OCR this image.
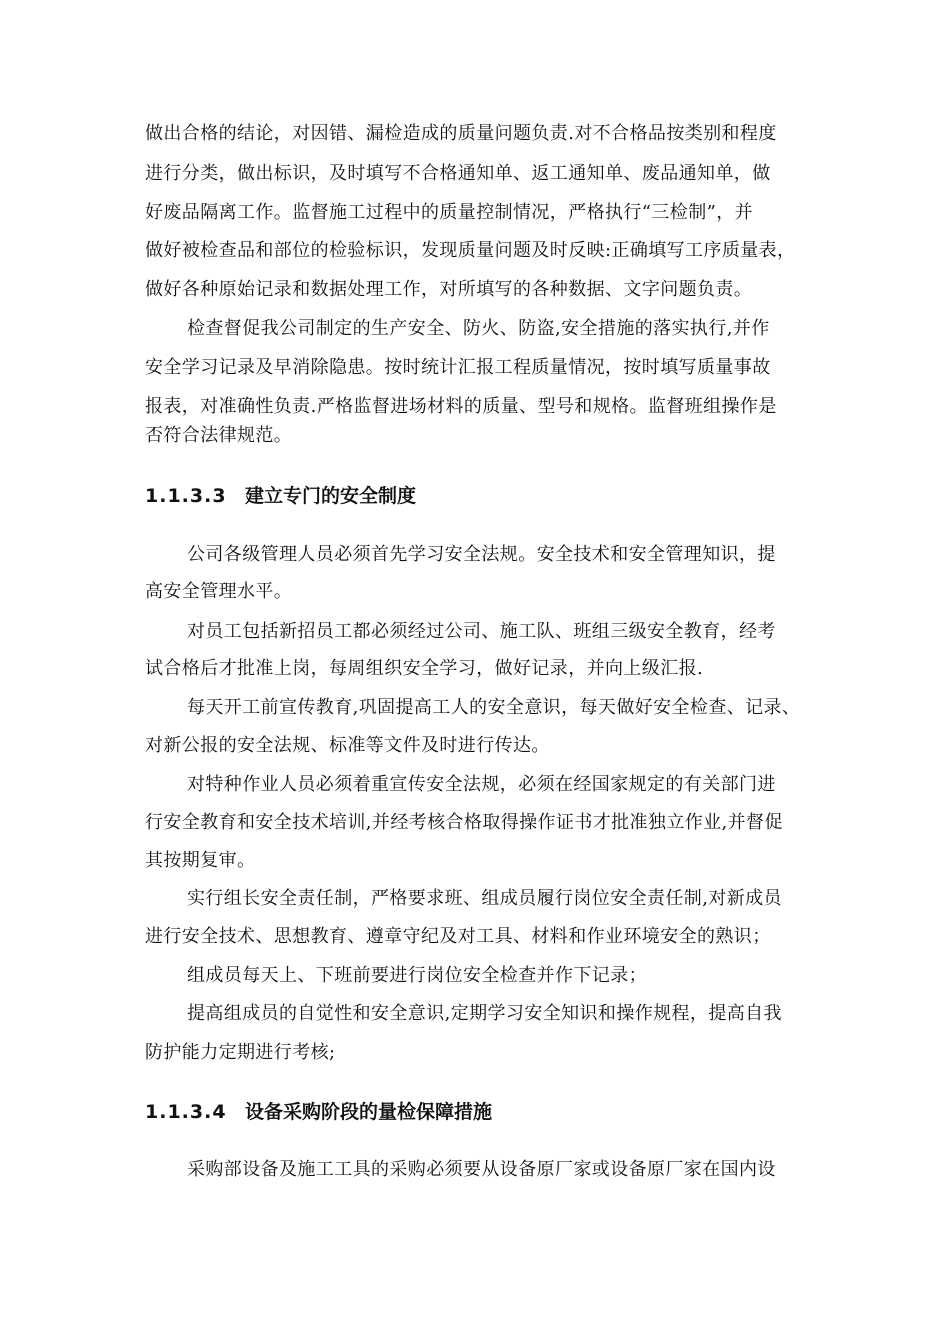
做出合格的结论，对因错、漏检造成的质量问题负责.对不合格品按类别和程度
进行分类，做出标识，及时填写不合格通知单、返工通知单、废品通知单，做
好废品隔离工作。监督施工过程中的质量控制情况，严格执行“三检制”，并
做好被检查品和部位的检验标识，发现质量问题及时反映:正确填写工序质量表，
做好各种原始记录和数据处理工作，对所填写的各种数据、文字问题负责。
检查督促我公司制定的生产安全、防火、防盗,安全措施的落实执行,并作
安全学习记录及早消除隐患。按时统计汇报工程质量情况，按时填写质量事故
报表，对准确性负责.严格监督进场材料的质量、型号和规格。监督班组操作是
否符合法律规范。
1.1.3.3 建立专门的安全制度
公司各级管理人员必须首先学习安全法规。安全技术和安全管理知识，提
高安全管理水平。
对员工包括新招员工都必须经过公司、施工队、班组三级安全教育，经考
试合格后才批准上岗，每周组织安全学习，做好记录，并向上级汇报.
每天开工前宣传教育,巩固提高工人的安全意识，每天做好安全检查、记录、
对新公报的安全法规、标准等文件及时进行传达。
对特种作业人员必须着重宣传安全法规，必须在经国家规定的有关部门进
行安全教育和安全技术培训,并经考核合格取得操作证书才批准独立作业,并督促
其按期复审。
实行组长安全责任制，严格要求班、组成员履行岗位安全责任制,对新成员
进行安全技术、思想教育、遵章守纪及对工具、材料和作业环境安全的熟识；
组成员每天上、下班前要进行岗位安全检查并作下记录；
提高组成员的自觉性和安全意识,定期学习安全知识和操作规程，提高自我
防护能力定期进行考核;
1.1.3.4 设备采购阶段的量检保障措施
采购部设备及施工工具的采购必须要从设备原厂家或设备原厂家在国内设
